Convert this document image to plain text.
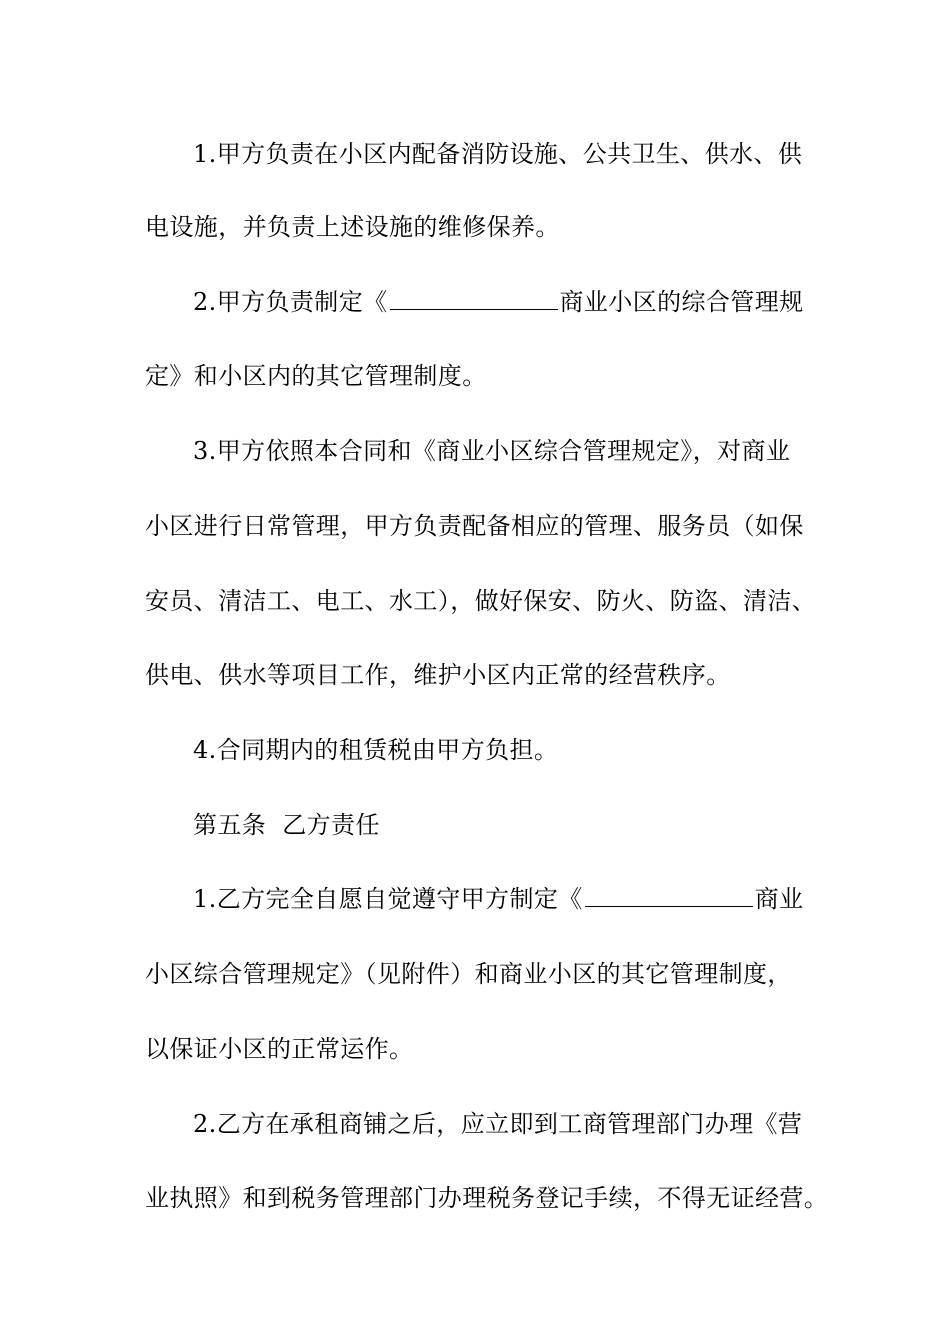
1.甲方负责在小区内配备消防设施、公共卫生、供水、供
电设施，并负责上述设施的维修保养。
2.甲方负责制定《	商业小区的综合管理规
定》和小区内的其它管理制度。
3.甲方依照本合同和《商业小区综合管理规定》，对商业
小区进行日常管理，甲方负责配备相应的管理、服务员（如保
安员、清洁工、电工、水工），做好保安、防火、防盗、清洁、
供电、供水等项目工作，维护小区内正常的经营秩序。
4.合同期内的租赁税由甲方负担。
第五条  乙方责任
1.乙方完全自愿自觉遵守甲方制定《	商业
小区综合管理规定》（见附件）和商业小区的其它管理制度，
以保证小区的正常运作。
2.乙方在承租商铺之后，应立即到工商管理部门办理《营
业执照》和到税务管理部门办理税务登记手续，不得无证经营。
